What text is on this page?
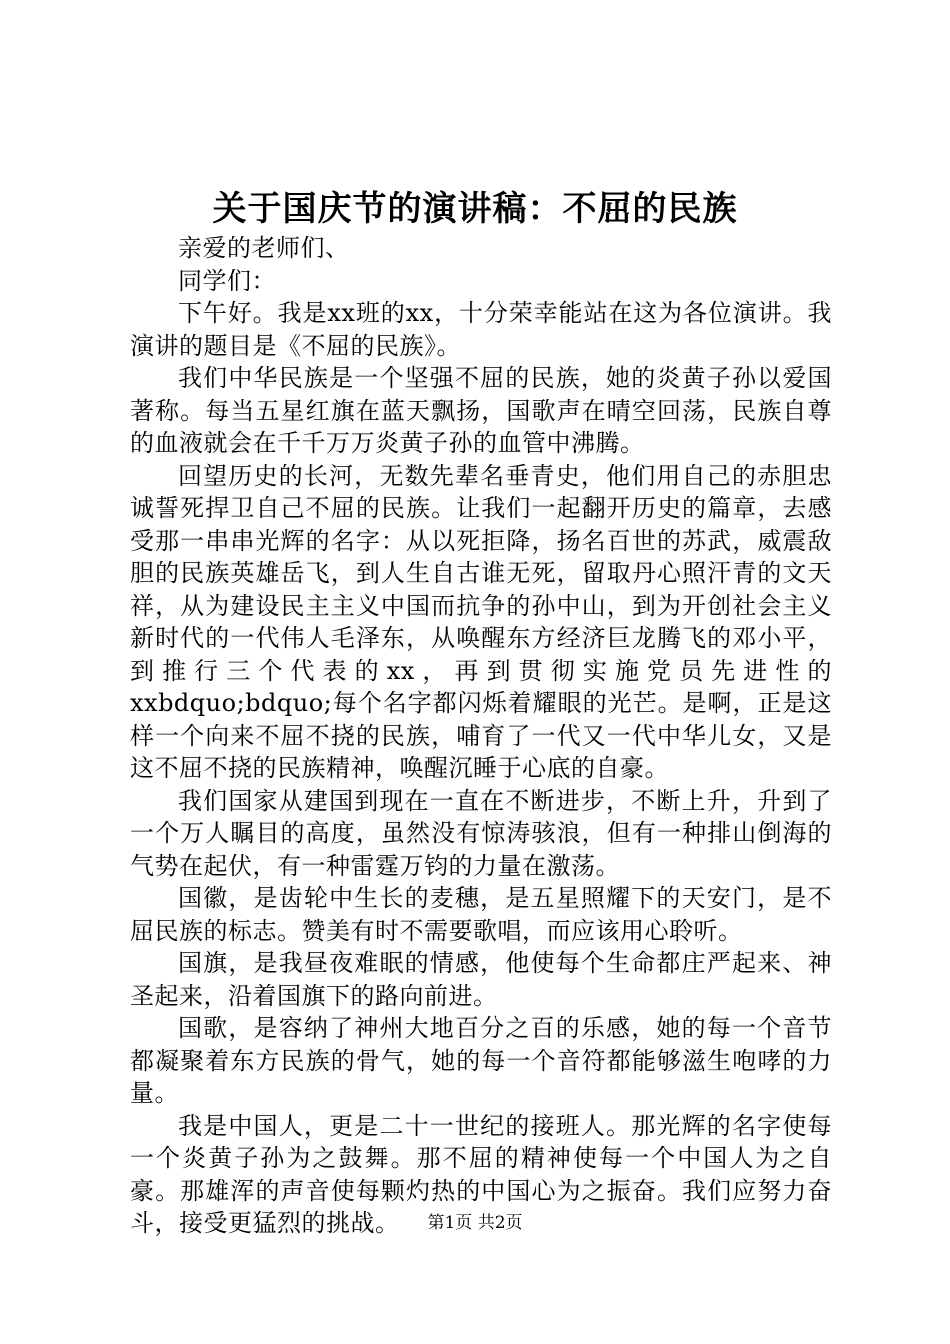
关于国庆节的演讲稿：不屈的民族

亲爱的老师们、

同学们：

下午好。我是xx班的xx，十分荣幸能站在这为各位演讲。我演讲的题目是《不屈的民族》。

我们中华民族是一个坚强不屈的民族，她的炎黄子孙以爱国著称。每当五星红旗在蓝天飘扬，国歌声在晴空回荡，民族自尊的血液就会在千千万万炎黄子孙的血管中沸腾。

回望历史的长河，无数先辈名垂青史，他们用自己的赤胆忠诚誓死捍卫自己不屈的民族。让我们一起翻开历史的篇章，去感受那一串串光辉的名字：从以死拒降，扬名百世的苏武，威震敌胆的民族英雄岳飞，到人生自古谁无死，留取丹心照汗青的文天祥，从为建设民主主义中国而抗争的孙中山，到为开创社会主义新时代的一代伟人毛泽东，从唤醒东方经济巨龙腾飞的邓小平，到推行三个代表的xx，再到贯彻实施党员先进性的xxbdquo;bdquo;每个名字都闪烁着耀眼的光芒。是啊，正是这样一个向来不屈不挠的民族，哺育了一代又一代中华儿女，又是这不屈不挠的民族精神，唤醒沉睡于心底的自豪。

我们国家从建国到现在一直在不断进步，不断上升，升到了一个万人瞩目的高度，虽然没有惊涛骇浪，但有一种排山倒海的气势在起伏，有一种雷霆万钧的力量在激荡。

国徽，是齿轮中生长的麦穗，是五星照耀下的天安门，是不屈民族的标志。赞美有时不需要歌唱，而应该用心聆听。

国旗，是我昼夜难眠的情感，他使每个生命都庄严起来、神圣起来，沿着国旗下的路向前进。

国歌，是容纳了神州大地百分之百的乐感，她的每一个音节都凝聚着东方民族的骨气，她的每一个音符都能够滋生咆哮的力量。

我是中国人，更是二十一世纪的接班人。那光辉的名字使每一个炎黄子孙为之鼓舞。那不屈的精神使每一个中国人为之自豪。那雄浑的声音使每颗灼热的中国心为之振奋。我们应努力奋斗，接受更猛烈的挑战。	第1页 共2页
